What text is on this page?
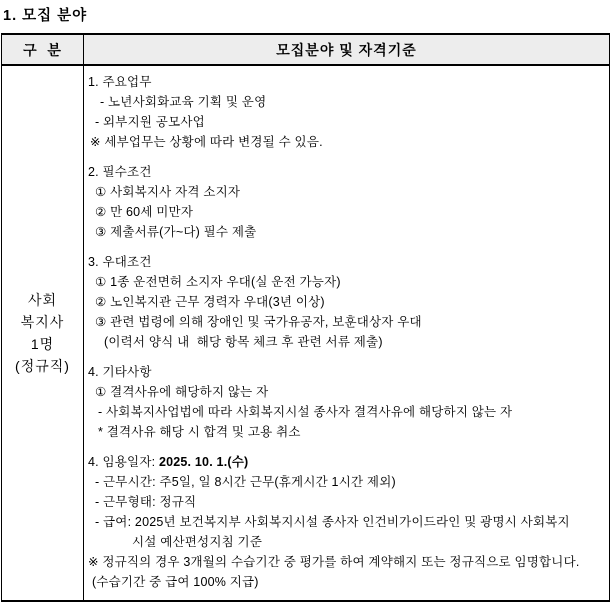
1. 모집 분야
구  분	모집분야 및 자격기준
사회
복지사
1명
(정규직)
1. 주요업무
- 노년사회화교육 기획 및 운영
- 외부지원 공모사업
※ 세부업무는 상황에 따라 변경될 수 있음.
2. 필수조건
① 사회복지사 자격 소지자
② 만 60세 미만자
③ 제출서류(가~다) 필수 제출
3. 우대조건
① 1종 운전면허 소지자 우대(실 운전 가능자)
② 노인복지관 근무 경력자 우대(3년 이상)
③ 관련 법령에 의해 장애인 및 국가유공자, 보훈대상자 우대
(이력서 양식 내  해당 항목 체크 후 관련 서류 제출)
4. 기타사항
① 결격사유에 해당하지 않는 자
- 사회복지사업법에 따라 사회복지시설 종사자 결격사유에 해당하지 않는 자
* 결격사유 해당 시 합격 및 고용 취소
4. 임용일자: 2025. 10. 1.(수)
- 근무시간: 주5일, 일 8시간 근무(휴게시간 1시간 제외)
- 근무형태: 정규직
- 급여: 2025년 보건복지부 사회복지시설 종사자 인건비가이드라인 및 광명시 사회복지
시설 예산편성지침 기준
※ 정규직의 경우 3개월의 수습기간 중 평가를 하여 계약해지 또는 정규직으로 임명합니다.
(수습기간 중 급여 100% 지급)
